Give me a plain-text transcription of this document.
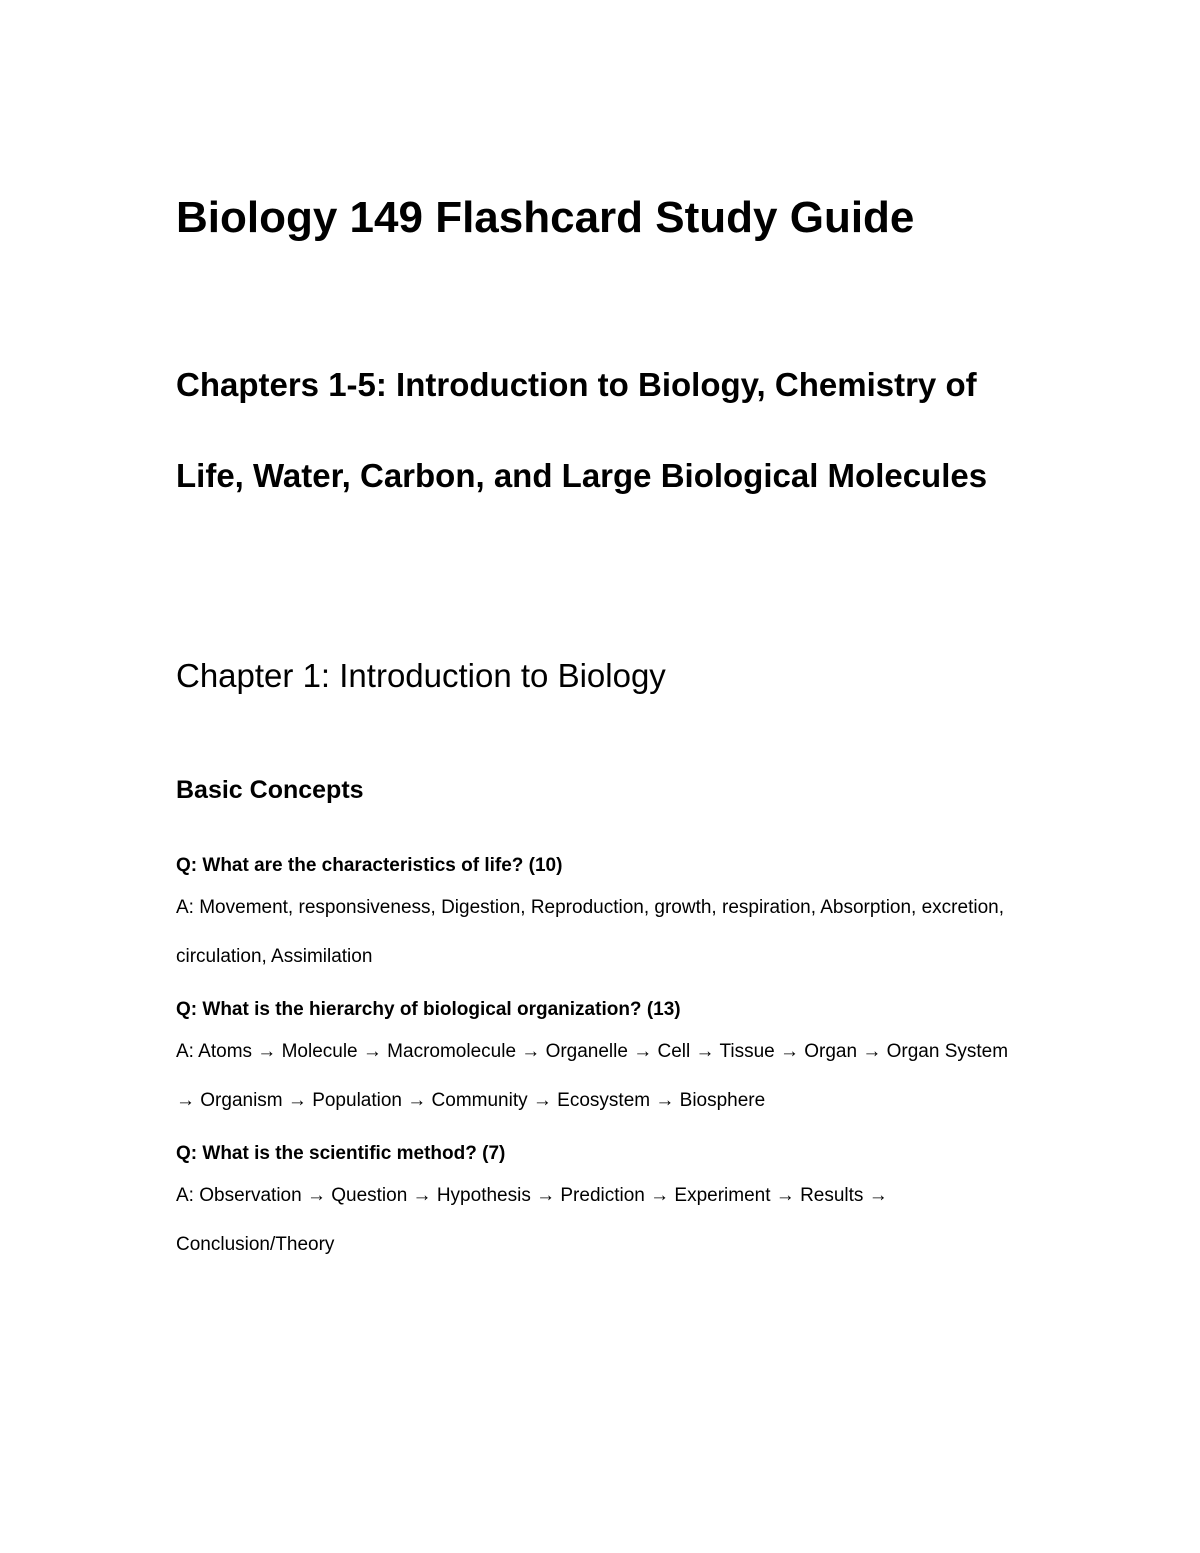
Biology 149 Flashcard Study Guide
Chapters 1-5: Introduction to Biology, Chemistry of Life, Water, Carbon, and Large Biological Molecules
Chapter 1: Introduction to Biology
Basic Concepts

Q: What are the characteristics of life? (10)

A: Movement, responsiveness, Digestion, Reproduction, growth, respiration, Absorption, excretion, circulation, Assimilation

Q: What is the hierarchy of biological organization? (13)

A: Atoms → Molecule → Macromolecule → Organelle → Cell → Tissue → Organ → Organ System → Organism → Population → Community → Ecosystem → Biosphere

Q: What is the scientific method? (7)

A: Observation → Question → Hypothesis → Prediction → Experiment → Results → Conclusion/Theory
